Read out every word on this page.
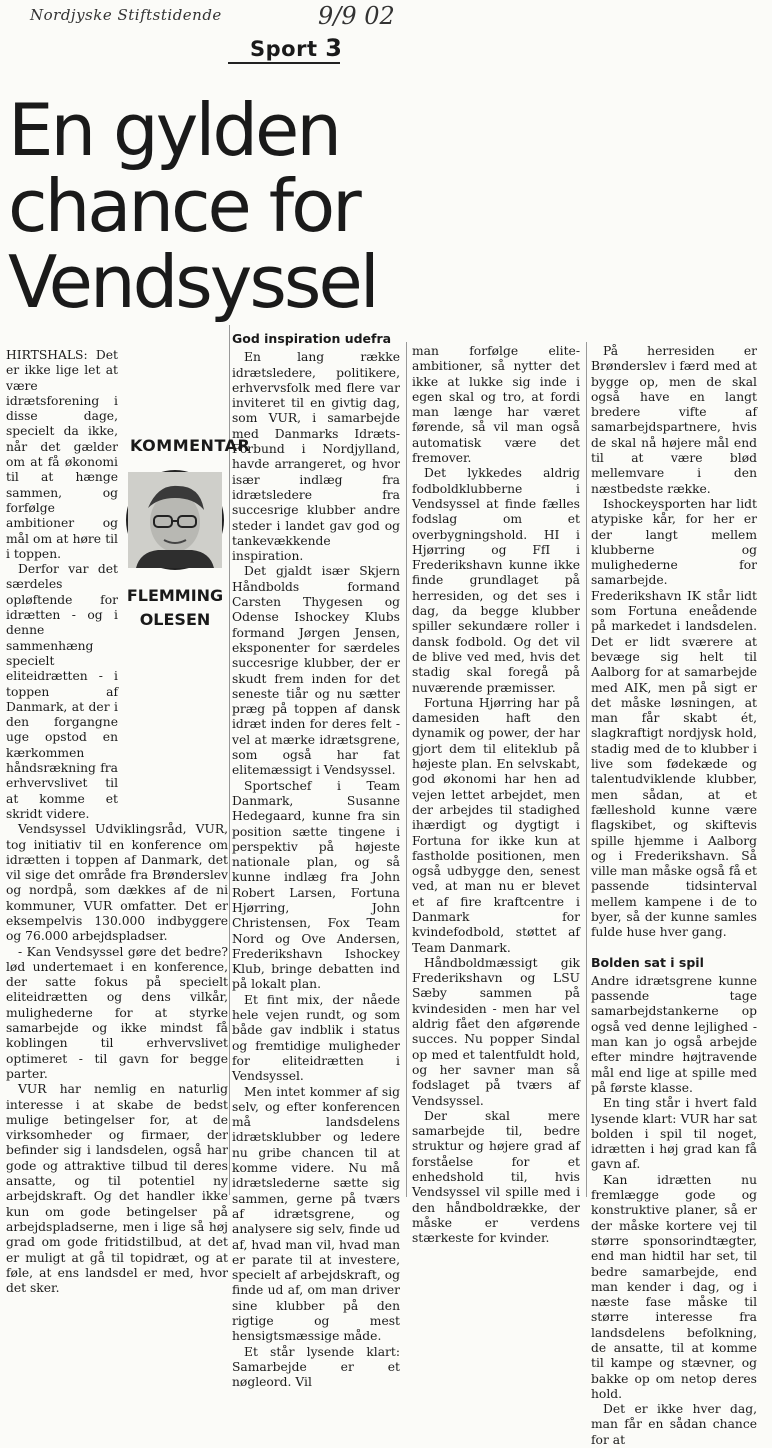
Nordjyske Stiftstidende	9/9 02
Sport 3
En gylden
chance for
Vendsyssel

HIRTSHALS: Det er ikke lige let at være idrætsforening i disse dage, specielt da ikke, når det gælder om at få økonomi til at hænge sammen, og forfølge ambitioner og mål om at høre til i toppen.

Derfor var det særdeles opløftende for idrætten - og i denne sammenhæng specielt eliteidrætten - i toppen af Danmark, at der i den forgangne uge opstod en kærkommen håndsrækning fra erhvervslivet til at komme et skridt videre.

Vendsyssel Udviklingsråd, VUR, tog initiativ til en konference om idrætten i toppen af Danmark, det vil sige det område fra Brønderslev og nordpå, som dækkes af de ni kommuner, VUR omfatter. Det er eksempelvis 130.000 indbyggere og 76.000 arbejdspladser.

- Kan Vendsyssel gøre det bedre? lød undertemaet i en konference, der satte fokus på specielt eliteidrætten og dens vilkår, mulighederne for at styrke samarbejde og ikke mindst få koblingen til erhvervslivet optimeret - til gavn for begge parter.

VUR har nemlig en naturlig interesse i at skabe de bedst mulige betingelser for, at de virksomheder og firmaer, der befinder sig i landsdelen, også har gode og attraktive tilbud til deres ansatte, og til potentiel ny arbejdskraft. Og det handler ikke kun om gode betingelser på arbejdspladserne, men i lige så høj grad om gode fritidstilbud, at det er muligt at gå til topidræt, og at føle, at ens landsdel er med, hvor det sker.

KOMMENTAR
FLEMMING
OLESEN
God inspiration udefra

En lang række idrætsledere, politikere, erhvervsfolk med flere var inviteret til en givtig dag, som VUR, i samarbejde med Danmarks Idræts-Forbund i Nordjylland, havde arrangeret, og hvor især indlæg fra idrætsledere fra succesrige klubber andre steder i landet gav god og tankevækkende inspiration.

Det gjaldt især Skjern Håndbolds formand Carsten Thygesen og Odense Ishockey Klubs formand Jørgen Jensen, eksponenter for særdeles succesrige klubber, der er skudt frem inden for det seneste tiår og nu sætter præg på toppen af dansk idræt inden for deres felt - vel at mærke idrætsgrene, som også har fat elitemæssigt i Vendsyssel.

Sportschef i Team Danmark, Susanne Hedegaard, kunne fra sin position sætte tingene i perspektiv på højeste nationale plan, og så kunne indlæg fra John Robert Larsen, Fortuna Hjørring, John Christensen, Fox Team Nord og Ove Andersen, Frederikshavn Ishockey Klub, bringe debatten ind på lokalt plan.

Et fint mix, der nåede hele vejen rundt, og som både gav indblik i status og fremtidige muligheder for eliteidrætten i Vendsyssel.

Men intet kommer af sig selv, og efter konferencen må landsdelens idrætsklubber og ledere nu gribe chancen til at komme videre. Nu må idrætslederne sætte sig sammen, gerne på tværs af idrætsgrene, og analysere sig selv, finde ud af, hvad man vil, hvad man er parate til at investere, specielt af arbejdskraft, og finde ud af, om man driver sine klubber på den rigtige og mest hensigtsmæssige måde.

Et står lysende klart: Samarbejde er et nøgleord. Vil

man forfølge elite-ambitioner, så nytter det ikke at lukke sig inde i egen skal og tro, at fordi man længe har været førende, så vil man også automatisk være det fremover.

Det lykkedes aldrig fodboldklubberne i Vendsyssel at finde fælles fodslag om et overbygningshold. HI i Hjørring og FfI i Frederikshavn kunne ikke finde grundlaget på herresiden, og det ses i dag, da begge klubber spiller sekundære roller i dansk fodbold. Og det vil de blive ved med, hvis det stadig skal foregå på nuværende præmisser.

Fortuna Hjørring har på damesiden haft den dynamik og power, der har gjort dem til eliteklub på højeste plan. En selvskabt, god økonomi har hen ad vejen lettet arbejdet, men der arbejdes til stadighed ihærdigt og dygtigt i Fortuna for ikke kun at fastholde positionen, men også udbygge den, senest ved, at man nu er blevet et af fire kraftcentre i Danmark for kvindefodbold, støttet af Team Danmark.

Håndboldmæssigt gik Frederikshavn og LSU Sæby sammen på kvindesiden - men har vel aldrig fået den afgørende succes. Nu popper Sindal op med et talentfuldt hold, og her savner man så fodslaget på tværs af Vendsyssel.

Der skal mere samarbejde til, bedre struktur og højere grad af forståelse for et enhedshold til, hvis Vendsyssel vil spille med i den håndboldrække, der måske er verdens stærkeste for kvinder.

På herresiden er Brønderslev i færd med at bygge op, men de skal også have en langt bredere vifte af samarbejdspartnere, hvis de skal nå højere mål end til at være blød mellemvare i den næstbedste række.

Ishockeysporten har lidt atypiske kår, for her er der langt mellem klubberne og mulighederne for samarbejde. Frederikshavn IK står lidt som Fortuna eneådende på markedet i landsdelen. Det er lidt sværere at bevæge sig helt til Aalborg for at samarbejde med AIK, men på sigt er det måske løsningen, at man får skabt ét, slagkraftigt nordjysk hold, stadig med de to klubber i live som fødekæde og talentudviklende klubber, men sådan, at et fælleshold kunne være flagskibet, og skiftevis spille hjemme i Aalborg og i Frederikshavn. Så ville man måske også få et passende tidsinterval mellem kampene i de to byer, så der kunne samles fulde huse hver gang.

Bolden sat i spil

Andre idrætsgrene kunne passende tage samarbejdstankerne op også ved denne lejlighed - man kan jo også arbejde efter mindre højtravende mål end lige at spille med på første klasse.

En ting står i hvert fald lysende klart: VUR har sat bolden i spil til noget, idrætten i høj grad kan få gavn af.

Kan idrætten nu fremlægge gode og konstruktive planer, så er der måske kortere vej til større sponsorindtægter, end man hidtil har set, til bedre samarbejde, end man kender i dag, og i næste fase måske til større interesse fra landsdelens befolkning, de ansatte, til at komme til kampe og stævner, og bakke op om netop deres hold.

Det er ikke hver dag, man får en sådan chance for at
